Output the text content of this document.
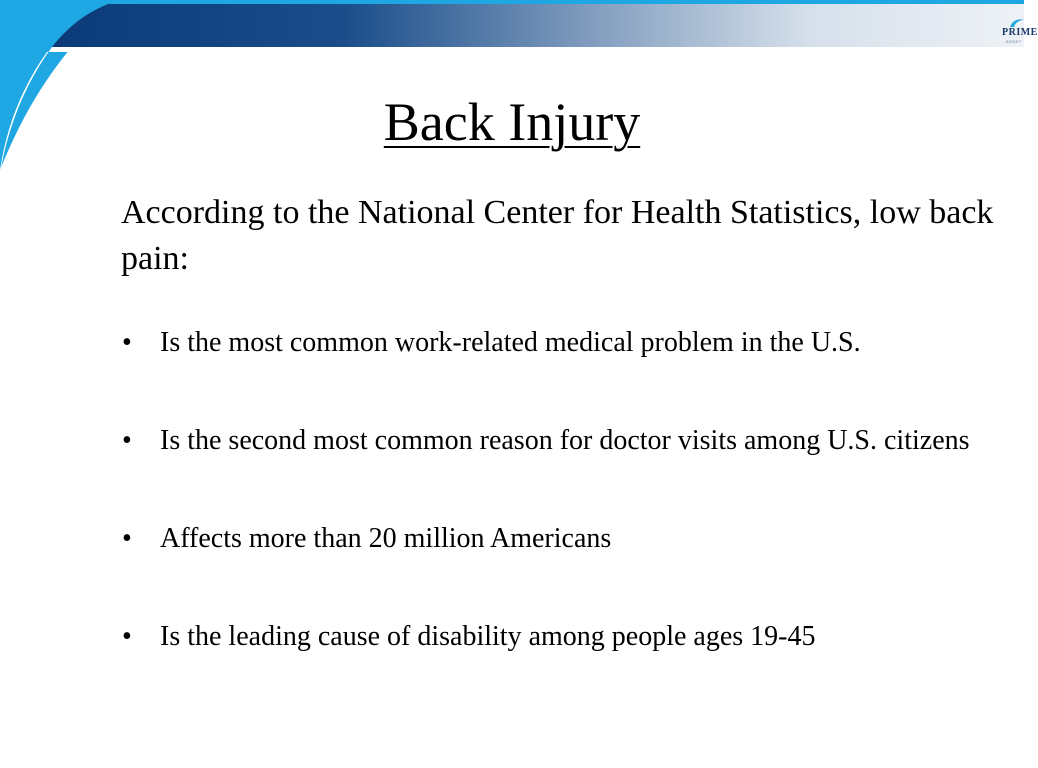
PRIME
ASSET
Back Injury
According to the National Center for Health Statistics, low back pain:
•	Is the most common work-related medical problem in the U.S.
•	Is the second most common reason for doctor visits among U.S. citizens
•	Affects more than 20 million Americans
•	Is the leading cause of disability among people ages 19-45
